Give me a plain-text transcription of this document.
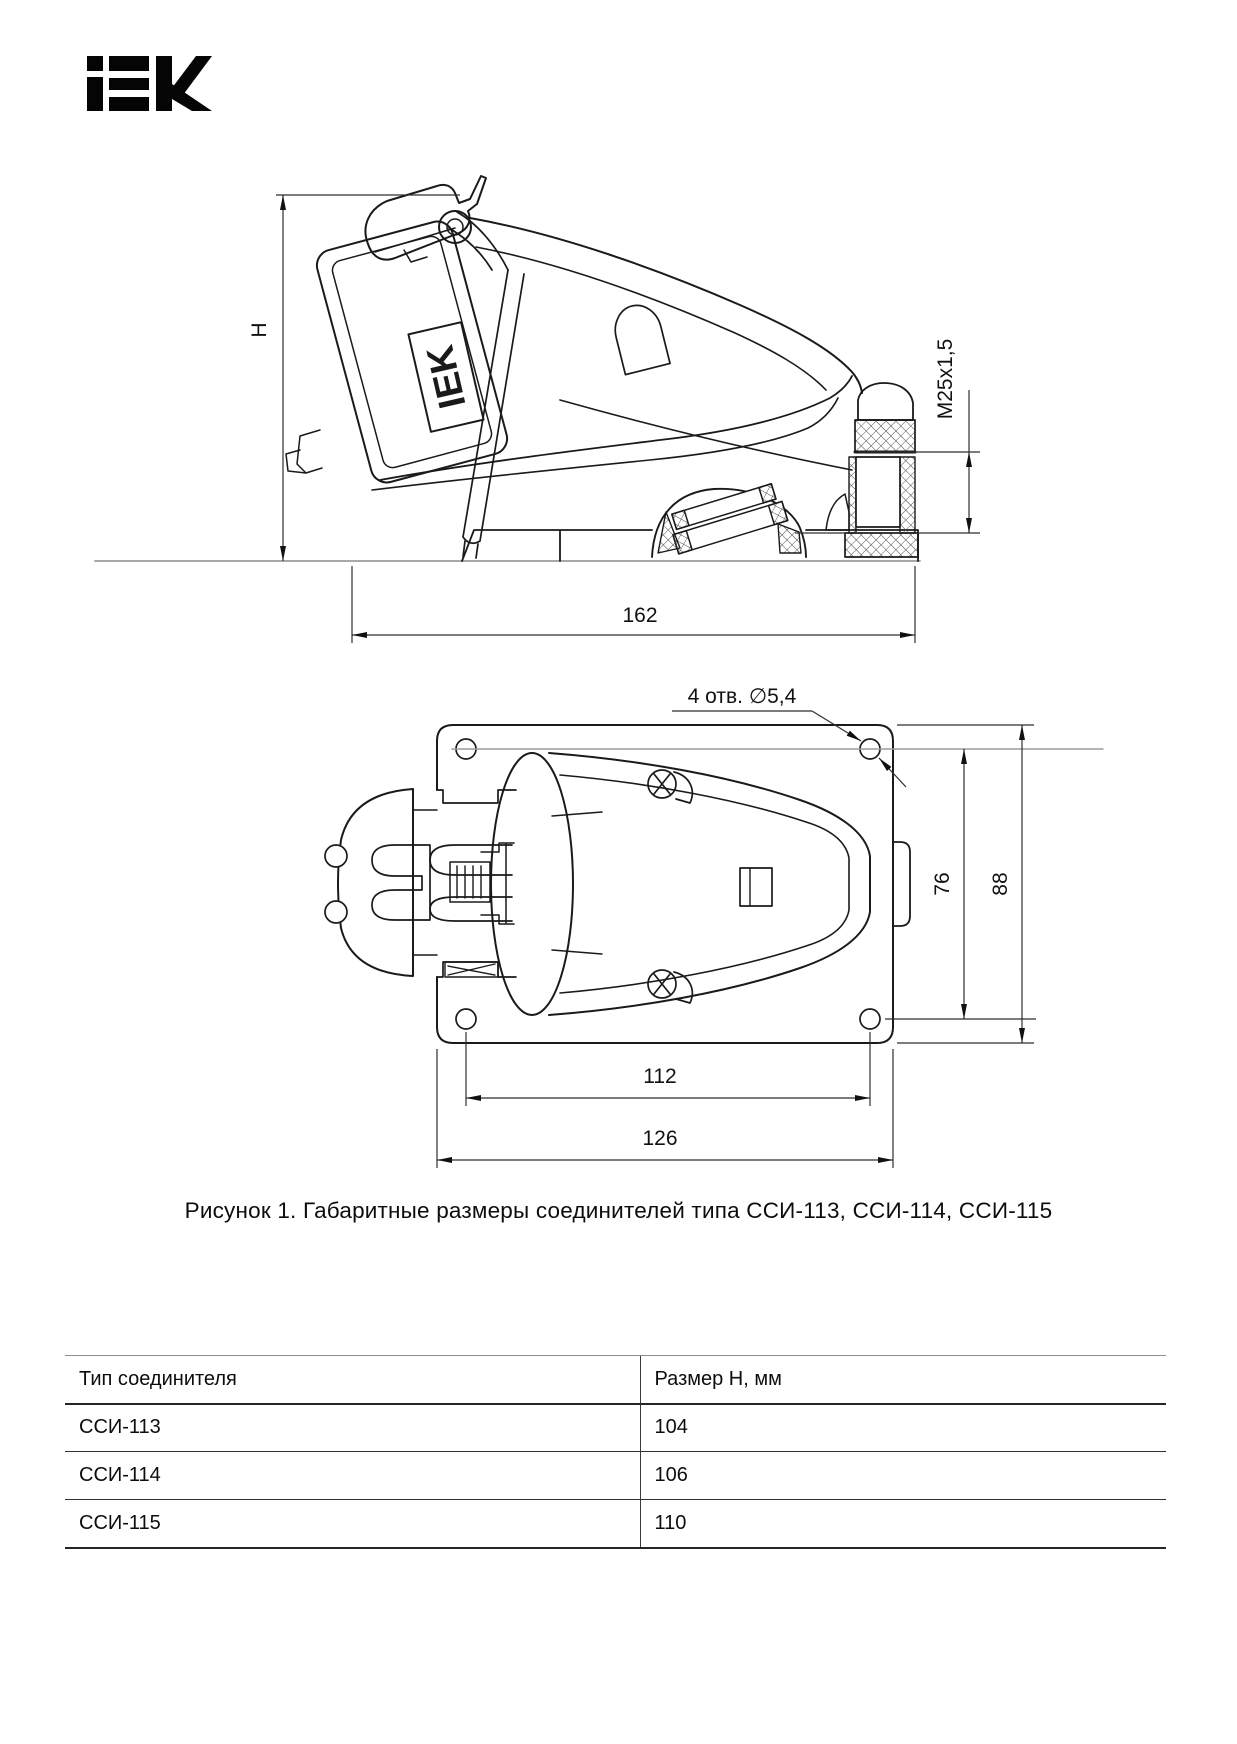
IEK
H
162
M25x1,5
4 отв. ∅5,4
76 88
112
126
Рисунок 1. Габаритные размеры соединителей типа ССИ-113, ССИ-114, ССИ-115
Тип соединителя	Размер H, мм
ССИ-113	104
ССИ-114	106
ССИ-115	110
